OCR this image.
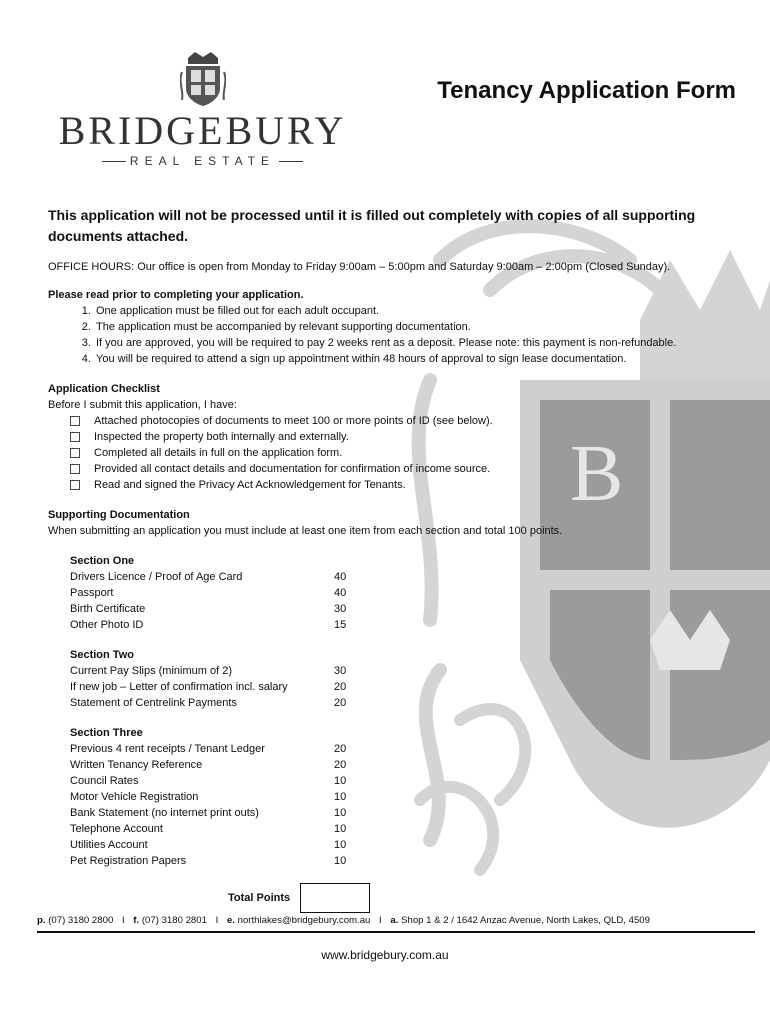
B
BRIDGEBURY
REAL ESTATE
Tenancy Application Form

This application will not be processed until it is filled out completely with copies of all supporting documents attached.

OFFICE HOURS: Our office is open from Monday to Friday 9:00am – 5:00pm and Saturday 9:00am – 2:00pm (Closed Sunday).

Please read prior to completing your application.

1. One application must be filled out for each adult occupant.
2. The application must be accompanied by relevant supporting documentation.
3. If you are approved, you will be required to pay 2 weeks rent as a deposit. Please note: this payment is non-refundable.
4. You will be required to attend a sign up appointment within 48 hours of approval to sign lease documentation.

Application Checklist

Before I submit this application, I have:

Attached photocopies of documents to meet 100 or more points of ID (see below).
Inspected the property both internally and externally.
Completed all details in full on the application form.
Provided all contact details and documentation for confirmation of income source.
Read and signed the Privacy Act Acknowledgement for Tenants.

Supporting Documentation

When submitting an application you must include at least one item from each section and total 100 points.

Section One
Drivers Licence / Proof of Age Card	40
Passport	40
Birth Certificate	30
Other Photo ID	15
Section Two
Current Pay Slips (minimum of 2)	30
If new job – Letter of confirmation incl. salary	20
Statement of Centrelink Payments	20
Section Three
Previous 4 rent receipts / Tenant Ledger	20
Written Tenancy Reference	20
Council Rates	10
Motor Vehicle Registration	10
Bank Statement (no internet print outs)	10
Telephone Account	10
Utilities Account	10
Pet Registration Papers	10
Total Points
p. (07) 3180 2800 I f. (07) 3180 2801 I e. northlakes@bridgebury.com.au I a. Shop 1 & 2 / 1642 Anzac Avenue, North Lakes, QLD, 4509
www.bridgebury.com.au
